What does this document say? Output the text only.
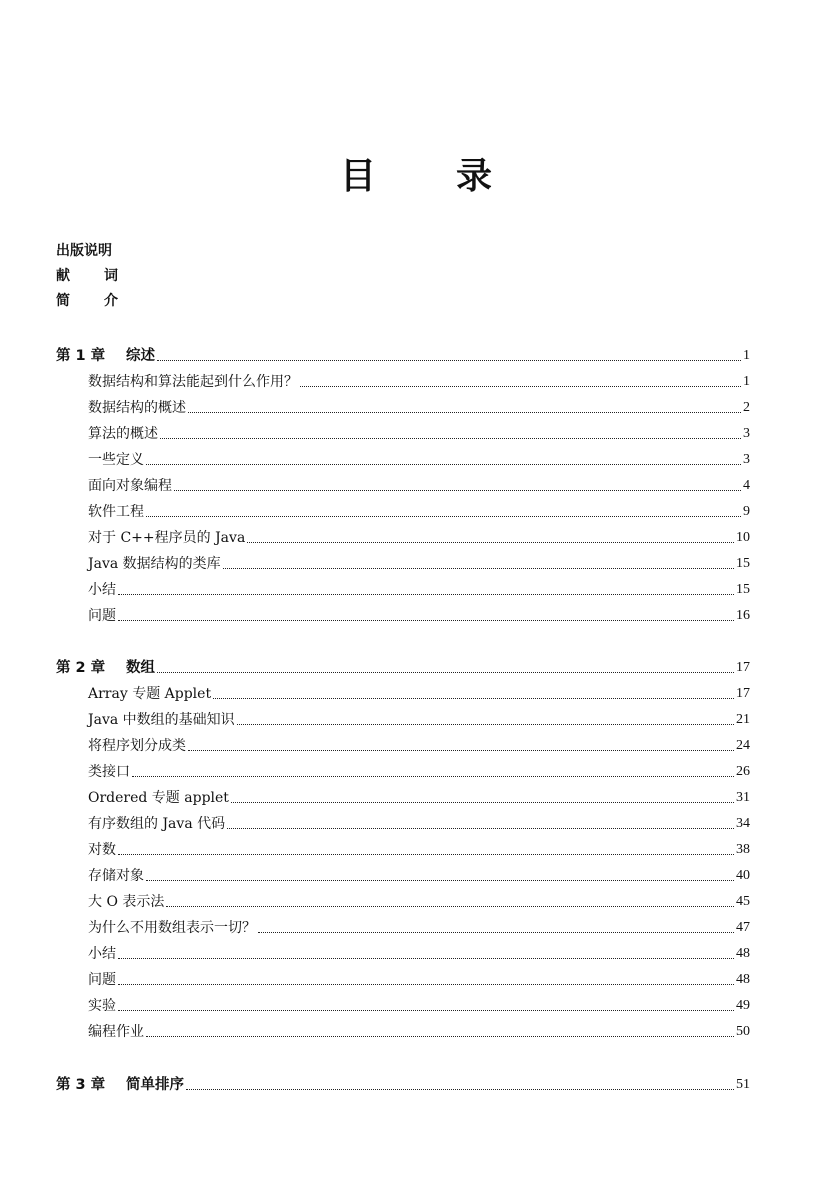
目 录
出版说明
献词
简介
第 1 章	综述	1
数据结构和算法能起到什么作用？	1
数据结构的概述	2
算法的概述	3
一些定义	3
面向对象编程	4
软件工程	9
对于 C++程序员的 Java	10
Java 数据结构的类库	15
小结	15
问题	16
第 2 章	数组	17
Array 专题 Applet	17
Java 中数组的基础知识	21
将程序划分成类	24
类接口	26
Ordered 专题 applet	31
有序数组的 Java 代码	34
对数	38
存储对象	40
大 O 表示法	45
为什么不用数组表示一切？	47
小结	48
问题	48
实验	49
编程作业	50
第 3 章	简单排序	51
